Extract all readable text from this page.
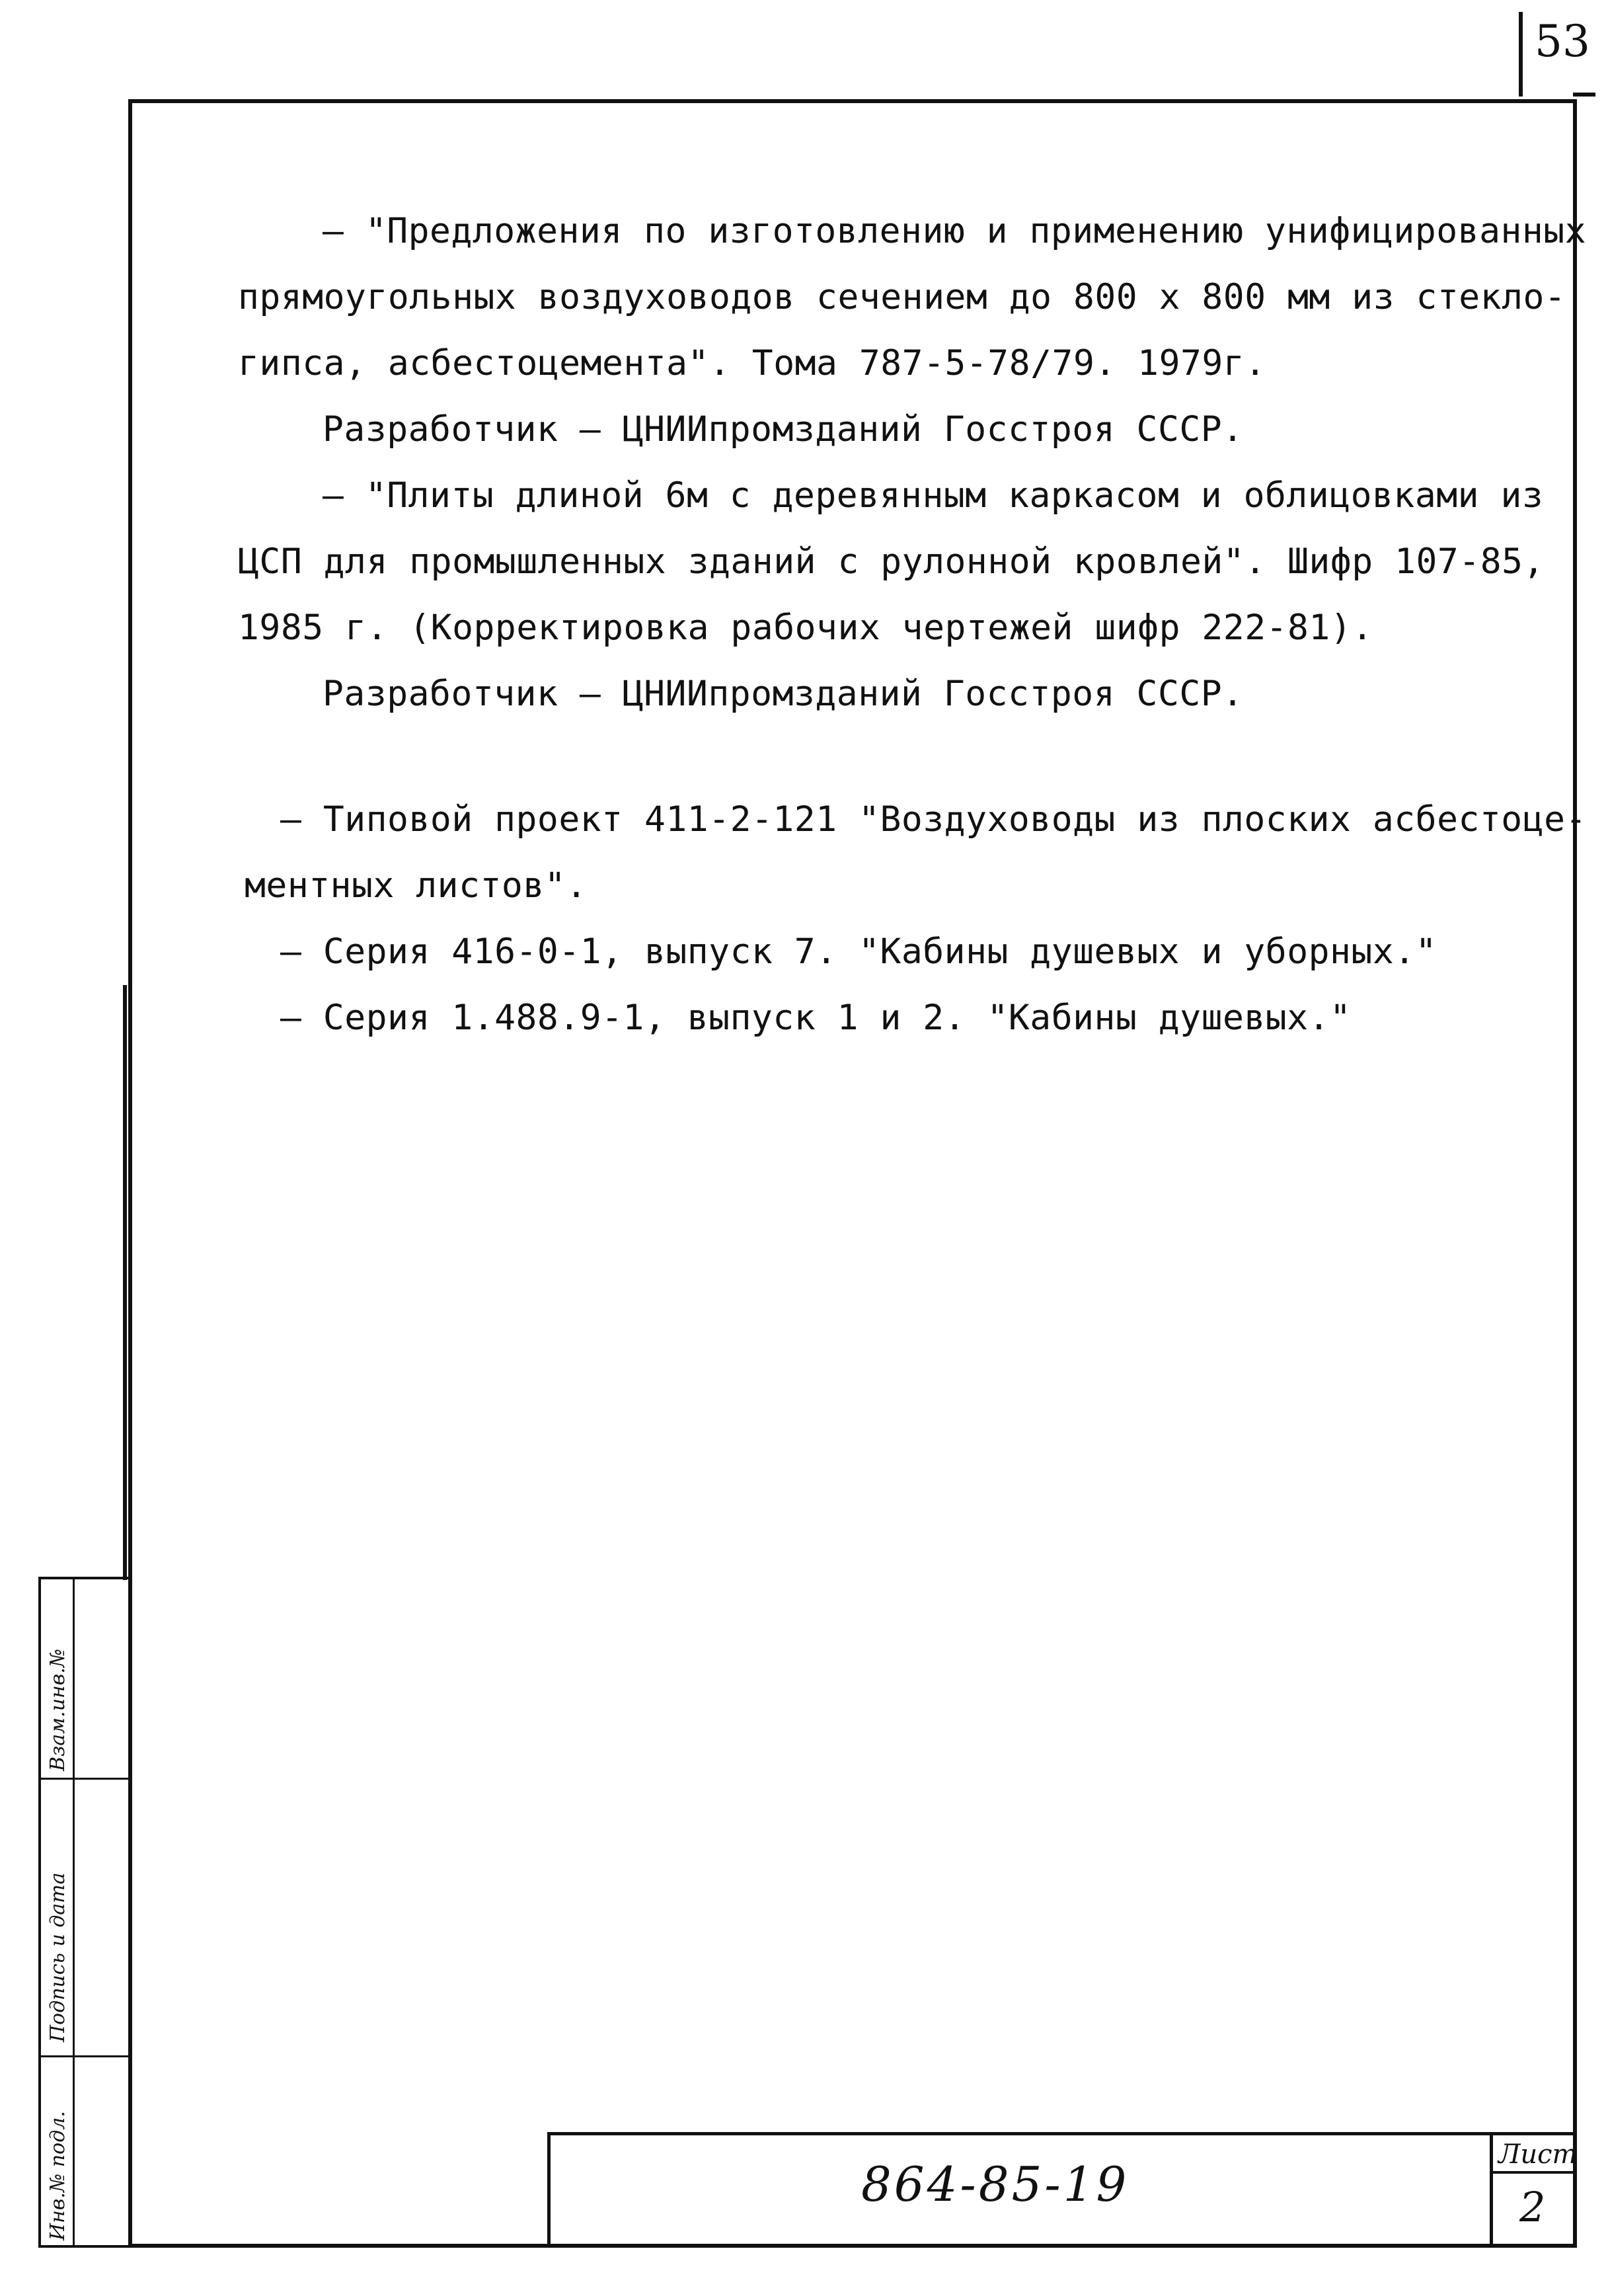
53
– "Предложения по изготовлению и применению унифицированных
прямоугольных воздуховодов сечением до 800 х 800 мм из стекло-
гипса, асбестоцемента". Тома 787-5-78/79. 1979г.
Разработчик – ЦНИИпромзданий Госстроя СССР.
– "Плиты длиной 6м с деревянным каркасом и облицовками из
ЦСП для промышленных зданий с рулонной кровлей". Шифр 107-85,
1985 г. (Корректировка рабочих чертежей шифр 222-81).
Разработчик – ЦНИИпромзданий Госстроя СССР.
– Типовой проект 411-2-121 "Воздуховоды из плоских асбестоце-
ментных листов".
— Серия 416-0-1, выпуск 7. "Кабины душевых и уборных."
— Серия 1.488.9-1, выпуск 1 и 2. "Кабины душевых."
Взам.инв.№
Подпись и дата
Инв.№ подл.	864-85-19
Лист
2
